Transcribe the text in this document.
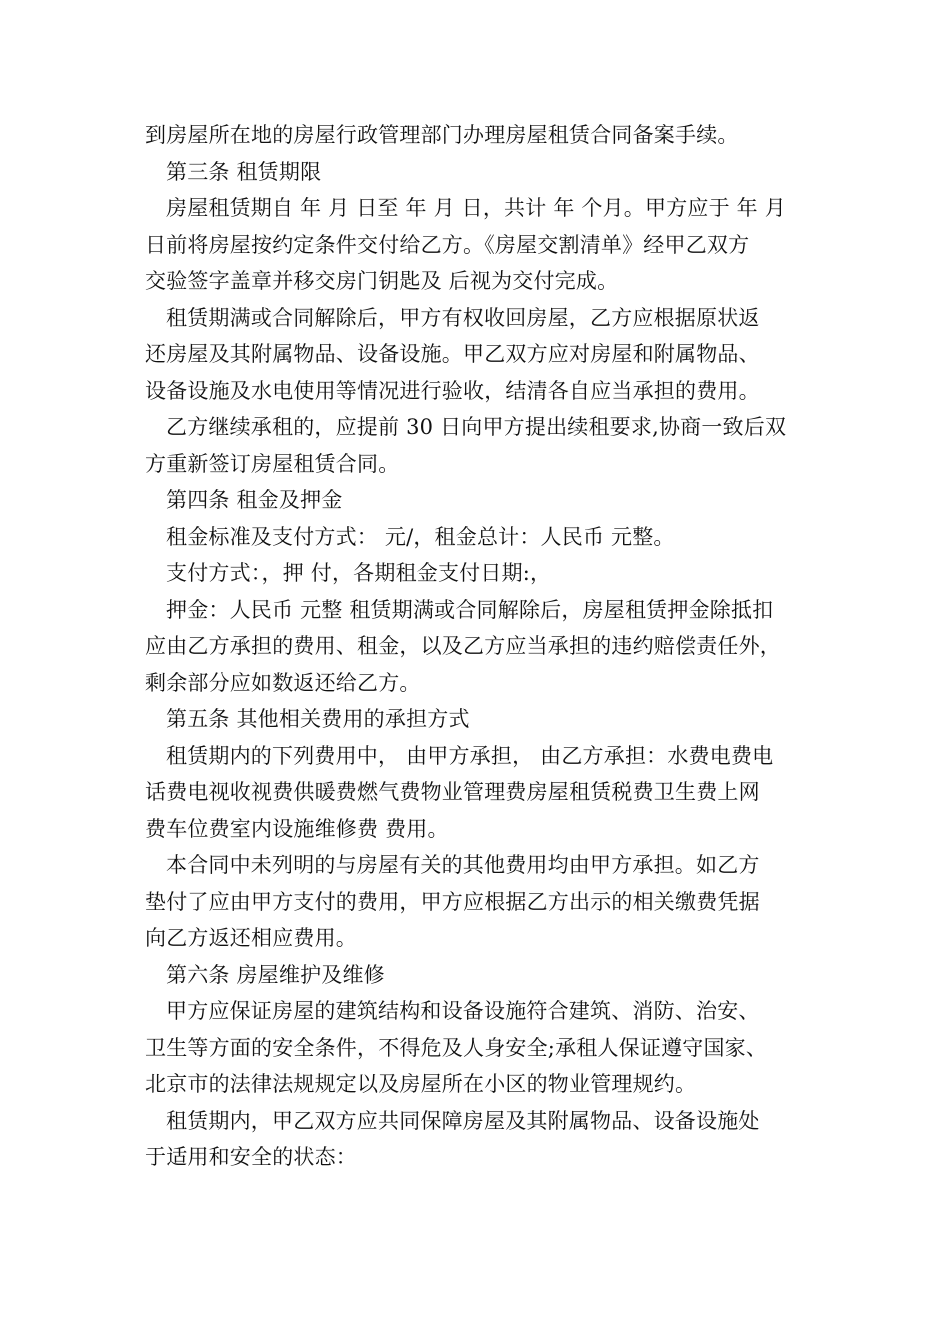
到房屋所在地的房屋行政管理部门办理房屋租赁合同备案手续。

第三条 租赁期限

房屋租赁期自 年 月 日至 年 月 日，共计 年 个月。甲方应于 年 月
日前将房屋按约定条件交付给乙方。《房屋交割清单》经甲乙双方
交验签字盖章并移交房门钥匙及 后视为交付完成。

租赁期满或合同解除后，甲方有权收回房屋，乙方应根据原状返
还房屋及其附属物品、设备设施。甲乙双方应对房屋和附属物品、
设备设施及水电使用等情况进行验收，结清各自应当承担的费用。

乙方继续承租的，应提前 30 日向甲方提出续租要求,协商一致后双
方重新签订房屋租赁合同。

第四条 租金及押金

租金标准及支付方式： 元/，租金总计：人民币 元整。

支付方式：，押 付，各期租金支付日期:，

押金：人民币 元整 租赁期满或合同解除后，房屋租赁押金除抵扣
应由乙方承担的费用、租金，以及乙方应当承担的违约赔偿责任外，
剩余部分应如数返还给乙方。

第五条 其他相关费用的承担方式

租赁期内的下列费用中， 由甲方承担， 由乙方承担：水费电费电
话费电视收视费供暖费燃气费物业管理费房屋租赁税费卫生费上网
费车位费室内设施维修费 费用。

本合同中未列明的与房屋有关的其他费用均由甲方承担。如乙方
垫付了应由甲方支付的费用，甲方应根据乙方出示的相关缴费凭据
向乙方返还相应费用。

第六条 房屋维护及维修

甲方应保证房屋的建筑结构和设备设施符合建筑、消防、治安、
卫生等方面的安全条件，不得危及人身安全;承租人保证遵守国家、
北京市的法律法规规定以及房屋所在小区的物业管理规约。

租赁期内，甲乙双方应共同保障房屋及其附属物品、设备设施处
于适用和安全的状态：
